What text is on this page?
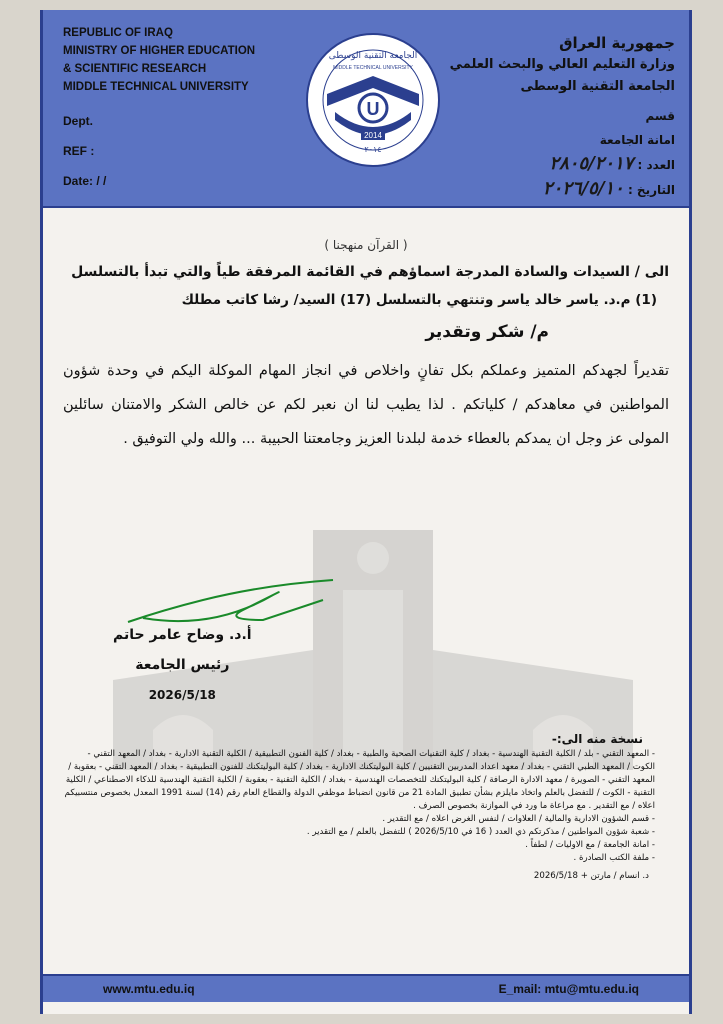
REPUBLIC OF IRAQ
MINISTRY OF HIGHER EDUCATION
& SCIENTIFIC RESEARCH
MIDDLE TECHNICAL UNIVERSITY
Dept.
REF :
Date: / /
U
2014
٢٠١٤
الجامعة التقنية الوسطى
MIDDLE TECHNICAL UNIVERSITY
جمهورية العراق
وزارة التعليم العالي والبحث العلمي
الجامعة التقنية الوسطى
قسم
امانة الجامعة
العدد : ٢٨٠٥/٢٠١٧
التاريخ : ٢٠٢٦/٥/١٠
( القرآن منهجنا )
الى / السيدات والسادة المدرجة اسماؤهم في القائمة المرفقة طياً والتي تبدأ بالتسلسل
(1) م.د. ياسر خالد ياسر وتنتهي بالتسلسل (17) السيد/ رشا كاتب مطلك
م/ شكر وتقدير
تقديراً لجهدكم المتميز وعملكم بكل تفانٍ واخلاص في انجاز المهام الموكلة اليكم في وحدة شؤون المواطنين في معاهدكم / كلياتكم . لذا يطيب لنا ان نعبر لكم عن خالص الشكر والامتنان سائلين المولى عز وجل ان يمدكم بالعطاء خدمة لبلدنا العزيز وجامعتنا الحبيبة ... والله ولي التوفيق .
أ.د. وضاح عامر حاتم
رئيس الجامعة
2026/5/18
نسخة منه الى:-
- المعهد التقني - بلد / الكلية التقنية الهندسية - بغداد / كلية التقنيات الصحية والطبية - بغداد / كلية الفنون التطبيقية / الكلية التقنية الادارية - بغداد / المعهد التقني - الكوت / المعهد الطبي التقني - بغداد / معهد اعداد المدربين التقنيين / كلية البوليتكنك الادارية - بغداد / كلية البوليتكنك للفنون التطبيقية - بغداد / المعهد التقني - بعقوبة / المعهد التقني - الصويرة / معهد الادارة الرصافة / كلية البوليتكنك للتخصصات الهندسية - بغداد / الكلية التقنية - بعقوبة / الكلية التقنية الهندسية للذكاء الاصطناعي / الكلية التقنية - الكوت / للتفضل بالعلم واتخاذ مايلزم بشأن تطبيق المادة 21 من قانون انضباط موظفي الدولة والقطاع العام رقم (14) لسنة 1991 المعدل بخصوص منتسبيكم اعلاه / مع التقدير . مع مراعاة ما ورد في الموازنة بخصوص الصرف .
- قسم الشؤون الادارية والمالية / العلاوات / لنفس الغرض اعلاه / مع التقدير .
- شعبة شؤون المواطنين / مذكرتكم ذي العدد ( 16 في 2026/5/10 ) للتفضل بالعلم / مع التقدير .
- امانة الجامعة / مع الاوليات / لطفاً .
- ملفة الكتب الصادرة .
د. انسام / مارتن + 2026/5/18
www.mtu.edu.iq	E_mail: mtu@mtu.edu.iq
